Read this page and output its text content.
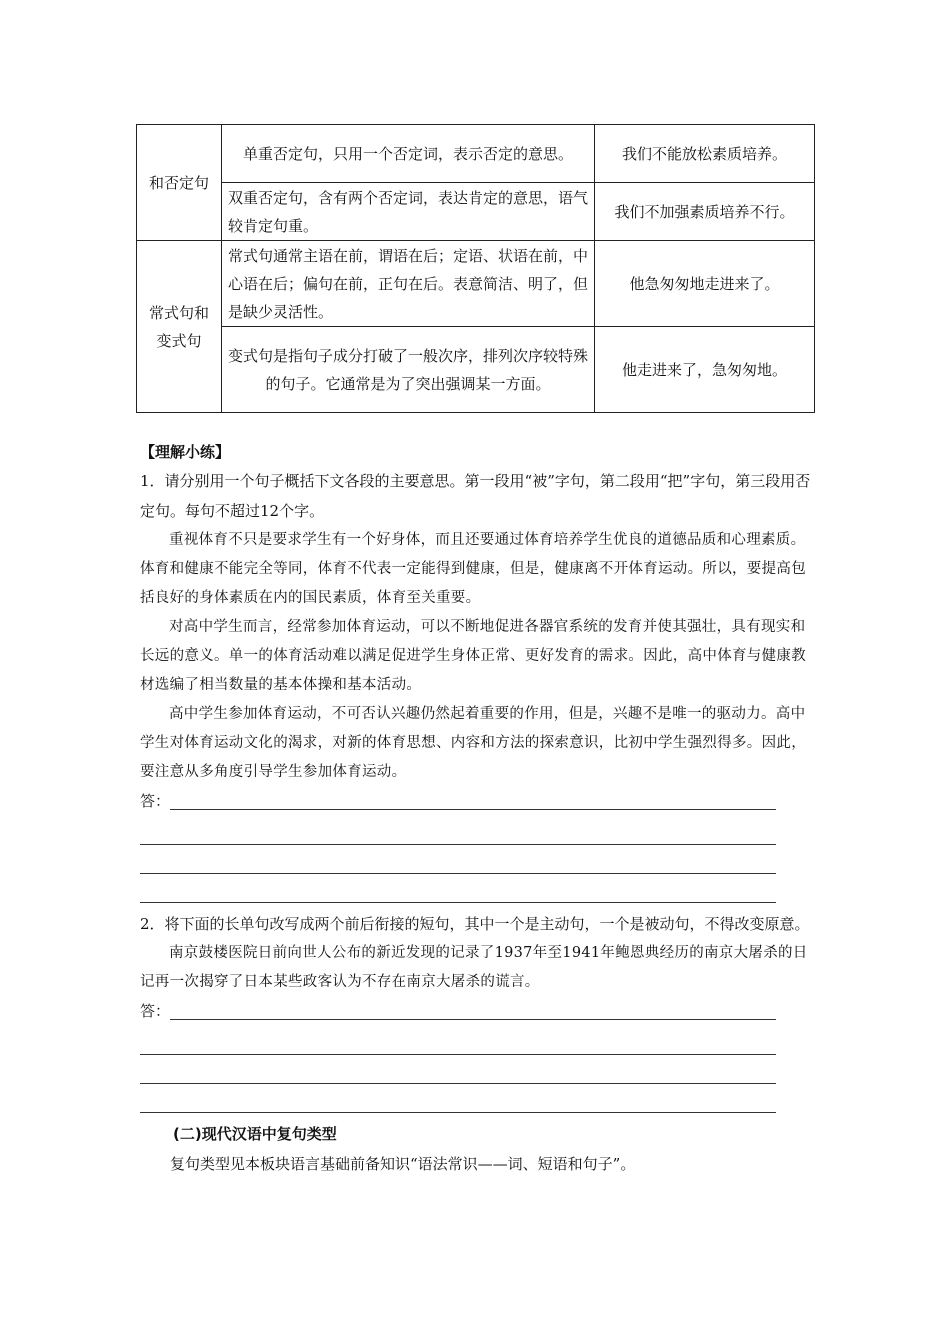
和否定句	单重否定句，只用一个否定词，表示否定的意思。	我们不能放松素质培养。
	双重否定句，含有两个否定词，表达肯定的意思，语气较肯定句重。	我们不加强素质培养不行。
常式句和变式句	常式句通常主语在前，谓语在后；定语、状语在前，中心语在后；偏句在前，正句在后。表意简洁、明了，但是缺少灵活性。	他急匆匆地走进来了。
	变式句是指句子成分打破了一般次序，排列次序较特殊的句子。它通常是为了突出强调某一方面。	他走进来了，急匆匆地。
【理解小练】
1．请分别用一个句子概括下文各段的主要意思。第一段用“被”字句，第二段用“把”字句，第三段用否定句。每句不超过12个字。

重视体育不只是要求学生有一个好身体，而且还要通过体育培养学生优良的道德品质和心理素质。体育和健康不能完全等同，体育不代表一定能得到健康，但是，健康离不开体育运动。所以，要提高包括良好的身体素质在内的国民素质，体育至关重要。

对高中学生而言，经常参加体育运动，可以不断地促进各器官系统的发育并使其强壮，具有现实和长远的意义。单一的体育活动难以满足促进学生身体正常、更好发育的需求。因此，高中体育与健康教材选编了相当数量的基本体操和基本活动。

高中学生参加体育运动，不可否认兴趣仍然起着重要的作用，但是，兴趣不是唯一的驱动力。高中学生对体育运动文化的渴求，对新的体育思想、内容和方法的探索意识，比初中学生强烈得多。因此，要注意从多角度引导学生参加体育运动。

答：
2．将下面的长单句改写成两个前后衔接的短句，其中一个是主动句，一个是被动句，不得改变原意。

南京鼓楼医院日前向世人公布的新近发现的记录了1937年至1941年鲍恩典经历的南京大屠杀的日记再一次揭穿了日本某些政客认为不存在南京大屠杀的谎言。

答：
(二)现代汉语中复句类型
复句类型见本板块语言基础前备知识“语法常识——词、短语和句子”。
